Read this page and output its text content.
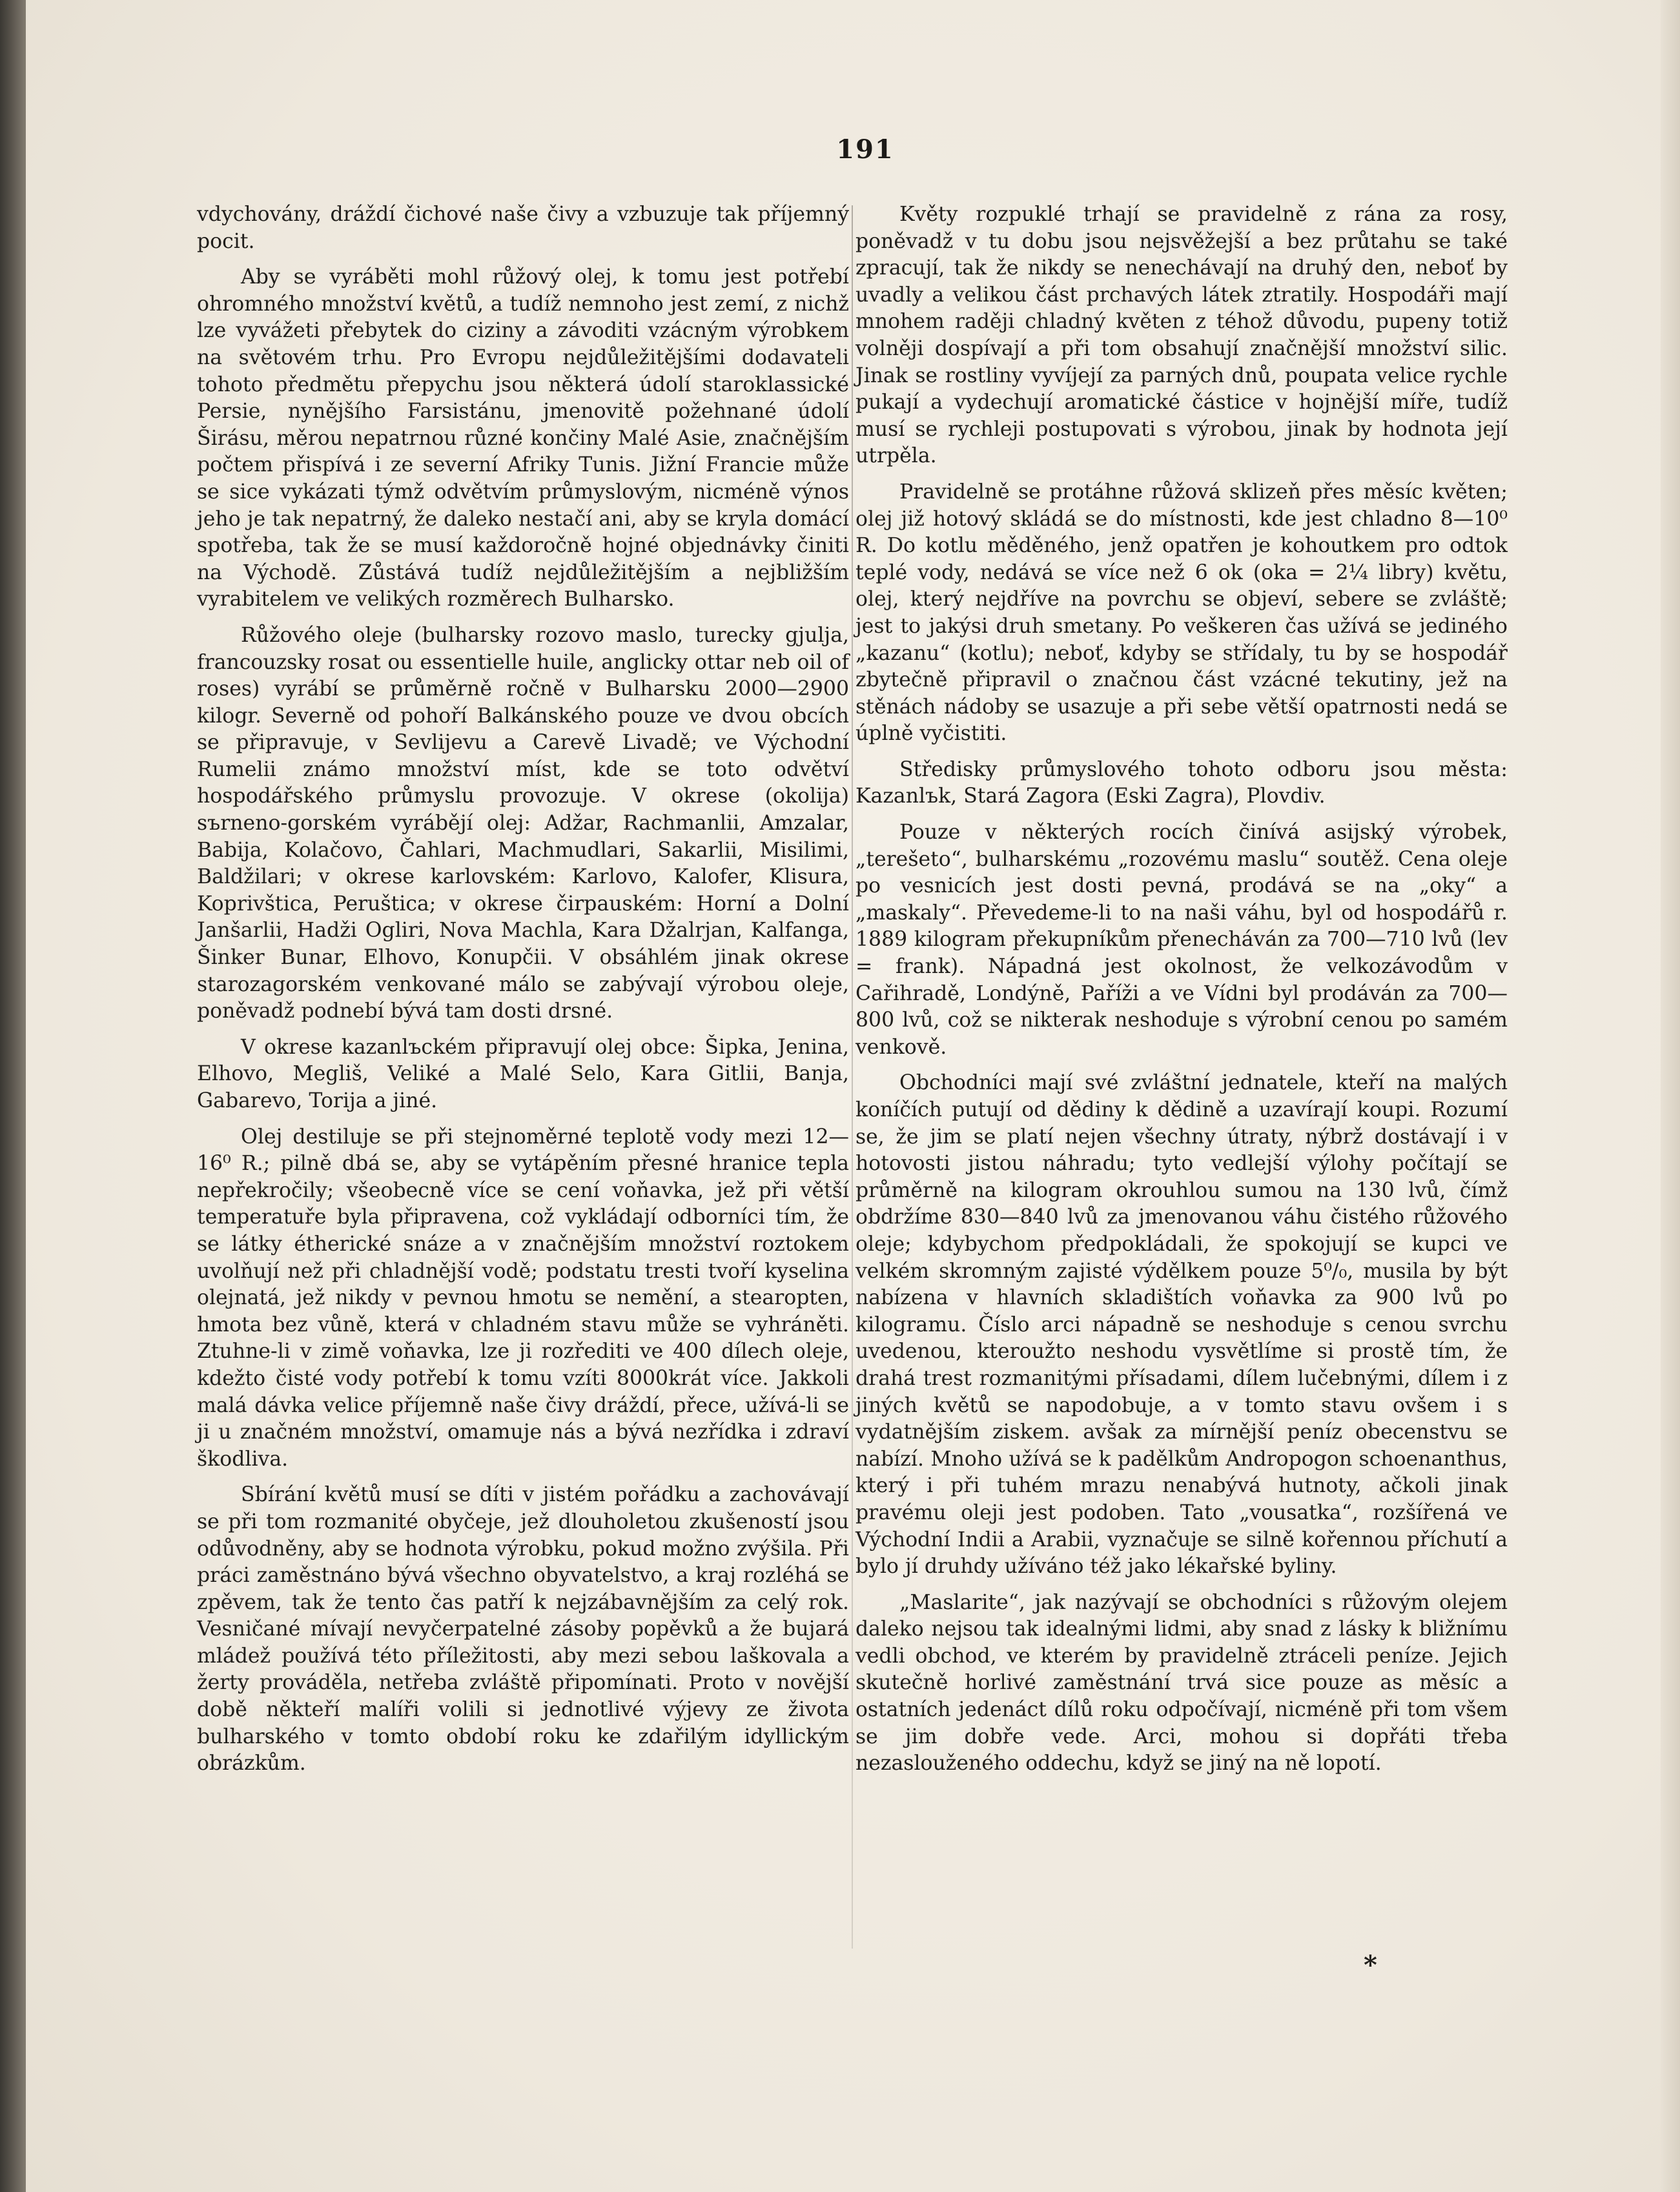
191

vdychovány, dráždí čichové naše čivy a vzbuzuje tak příjemný pocit.

Aby se vyráběti mohl růžový olej, k tomu jest potřebí ohromného množství květů, a tudíž nemnoho jest zemí, z nichž lze vyvážeti přebytek do ciziny a závoditi vzácným výrobkem na světovém trhu. Pro Evropu nejdůležitějšími dodavateli tohoto předmětu přepychu jsou některá údolí staroklassické Persie, nynějšího Farsistánu, jmenovitě požehnané údolí Širásu, měrou nepatrnou různé končiny Malé Asie, značnějším počtem přispívá i ze severní Afriky Tunis. Jižní Francie může se sice vykázati týmž odvětvím průmyslovým, nicméně výnos jeho je tak nepatrný, že daleko nestačí ani, aby se kryla domácí spotřeba, tak že se musí každoročně hojné objednávky činiti na Východě. Zůstává tudíž nejdůležitějším a nejbližším vyrabitelem ve velikých rozměrech Bulharsko.

Růžového oleje (bulharsky rozovo maslo, turecky gjulja, francouzsky rosat ou essentielle huile, anglicky ottar neb oil of roses) vyrábí se průměrně ročně v Bulharsku 2000—2900 kilogr. Severně od pohoří Balkánského pouze ve dvou obcích se připravuje, v Sevlijevu a Carevě Livadě; ve Východní Rumelii známo množství míst, kde se toto odvětví hospodářského průmyslu provozuje. V okrese (okolija) sъrneno-gorském vyrábějí olej: Adžar, Rachmanlii, Amzalar, Babija, Kolačovo, Čahlari, Machmudlari, Sakarlii, Misilimi, Baldžilari; v okrese karlovském: Karlovo, Kalofer, Klisura, Koprivštica, Peruštica; v okrese čirpauském: Horní a Dolní Janšarlii, Hadži Ogliri, Nova Machla, Kara Džalrjan, Kalfanga, Šinker Bunar, Elhovo, Konupčii. V obsáhlém jinak okrese starozagorském venkované málo se zabývají výrobou oleje, poněvadž podnebí bývá tam dosti drsné.

V okrese kazanlъckém připravují olej obce: Šipka, Jenina, Elhovo, Megliš, Veliké a Malé Selo, Kara Gitlii, Banja, Gabarevo, Torija a jiné.

Olej destiluje se při stejnoměrné teplotě vody mezi 12—16⁰ R.; pilně dbá se, aby se vytápěním přesné hranice tepla nepřekročily; všeobecně více se cení voňavka, jež při větší temperatuře byla připravena, což vykládají odborníci tím, že se látky étherické snáze a v značnějším množství roztokem uvolňují než při chladnější vodě; podstatu tresti tvoří kyselina olejnatá, jež nikdy v pevnou hmotu se nemění, a stearopten, hmota bez vůně, která v chladném stavu může se vyhráněti. Ztuhne-li v zimě voňavka, lze ji rozřediti ve 400 dílech oleje, kdežto čisté vody potřebí k tomu vzíti 8000krát více. Jakkoli malá dávka velice příjemně naše čivy dráždí, přece, užívá-li se ji u značném množství, omamuje nás a bývá nezřídka i zdraví škodliva.

Sbírání květů musí se díti v jistém pořádku a zachovávají se při tom rozmanité obyčeje, jež dlouholetou zkušeností jsou odůvodněny, aby se hodnota výrobku, pokud možno zvýšila. Při práci zaměstnáno bývá všechno obyvatelstvo, a kraj rozléhá se zpěvem, tak že tento čas patří k nejzábavnějším za celý rok. Vesničané mívají nevyčerpatelné zásoby popěvků a že bujará mládež používá této příležitosti, aby mezi sebou laškovala a žerty prováděla, netřeba zvláště připomínati. Proto v novější době někteří malíři volili si jednotlivé výjevy ze života bulharského v tomto období roku ke zdařilým idyllickým obrázkům.

Květy rozpuklé trhají se pravidelně z rána za rosy, poněvadž v tu dobu jsou nejsvěžejší a bez průtahu se také zpracují, tak že nikdy se nenechávají na druhý den, neboť by uvadly a velikou část prchavých látek ztratily. Hospodáři mají mnohem raději chladný květen z téhož důvodu, pupeny totiž volněji dospívají a při tom obsahují značnější množství silic. Jinak se rostliny vyvíjejí za parných dnů, poupata velice rychle pukají a vydechují aromatické částice v hojnější míře, tudíž musí se rychleji postupovati s výrobou, jinak by hodnota její utrpěla.

Pravidelně se protáhne růžová sklizeň přes měsíc květen; olej již hotový skládá se do místnosti, kde jest chladno 8—10⁰ R. Do kotlu měděného, jenž opatřen je kohoutkem pro odtok teplé vody, nedává se více než 6 ok (oka = 2¼ libry) květu, olej, který nejdříve na povrchu se objeví, sebere se zvláště; jest to jakýsi druh smetany. Po veškeren čas užívá se jediného „kazanu“ (kotlu); neboť, kdyby se střídaly, tu by se hospodář zbytečně připravil o značnou část vzácné tekutiny, jež na stěnách nádoby se usazuje a při sebe větší opatrnosti nedá se úplně vyčistiti.

Středisky průmyslového tohoto odboru jsou města: Kazanlъk, Stará Zagora (Eski Zagra), Plovdiv.

Pouze v některých rocích činívá asijský výrobek, „terešeto“, bulharskému „rozovému maslu“ soutěž. Cena oleje po vesnicích jest dosti pevná, prodává se na „oky“ a „maskaly“. Převedeme-li to na naši váhu, byl od hospodářů r. 1889 kilogram překupníkům přenecháván za 700—710 lvů (lev = frank). Nápadná jest okolnost, že velkozávodům v Cařihradě, Londýně, Paříži a ve Vídni byl prodáván za 700—800 lvů, což se nikterak neshoduje s výrobní cenou po samém venkově.

Obchodníci mají své zvláštní jednatele, kteří na malých koníčích putují od dědiny k dědině a uzavírají koupi. Rozumí se, že jim se platí nejen všechny útraty, nýbrž dostávají i v hotovosti jistou náhradu; tyto vedlejší výlohy počítají se průměrně na kilogram okrouhlou sumou na 130 lvů, čímž obdržíme 830—840 lvů za jmenovanou váhu čistého růžového oleje; kdybychom předpokládali, že spokojují se kupci ve velkém skromným zajisté výdělkem pouze 5⁰/₀, musila by být nabízena v hlavních skladištích voňavka za 900 lvů po kilogramu. Číslo arci nápadně se neshoduje s cenou svrchu uvedenou, kteroužto neshodu vysvětlíme si prostě tím, že drahá trest rozmanitými přísadami, dílem lučebnými, dílem i z jiných květů se napodobuje, a v tomto stavu ovšem i s vydatnějším ziskem. avšak za mírnější peníz obecenstvu se nabízí. Mnoho užívá se k padělkům Andropogon schoenanthus, který i při tuhém mrazu nenabývá hutnoty, ačkoli jinak pravému oleji jest podoben. Tato „vousatka“, rozšířená ve Východní Indii a Arabii, vyznačuje se silně kořennou příchutí a bylo jí druhdy užíváno též jako lékařské byliny.

„Maslarite“, jak nazývají se obchodníci s růžovým olejem daleko nejsou tak idealnými lidmi, aby snad z lásky k bližnímu vedli obchod, ve kterém by pravidelně ztráceli peníze. Jejich skutečně horlivé zaměstnání trvá sice pouze as měsíc a ostatních jedenáct dílů roku odpočívají, nicméně při tom všem se jim dobře vede. Arci, mohou si dopřáti třeba nezaslouženého oddechu, když se jiný na ně lopotí.

*
